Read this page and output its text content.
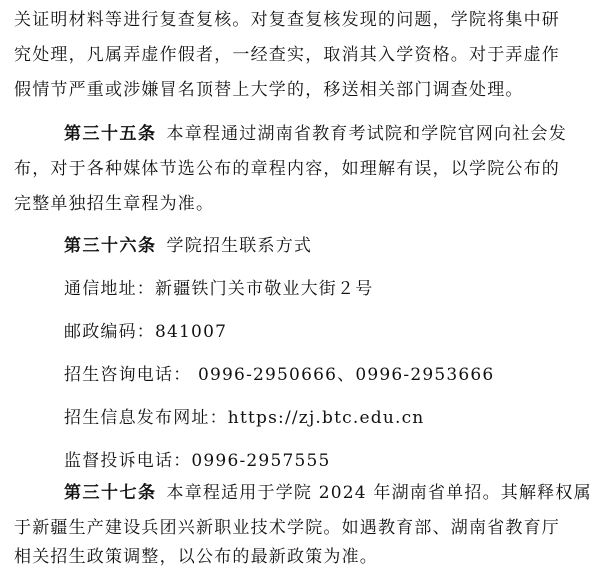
关证明材料等进行复查复核。对复查复核发现的问题，学院将集中研
究处理，凡属弄虚作假者，一经查实，取消其入学资格。对于弄虚作
假情节严重或涉嫌冒名顶替上大学的，移送相关部门调查处理。
第三十五条 本章程通过湖南省教育考试院和学院官网向社会发
布，对于各种媒体节选公布的章程内容，如理解有误，以学院公布的
完整单独招生章程为准。
第三十六条 学院招生联系方式
通信地址：新疆铁门关市敬业大街２号
邮政编码：841007
招生咨询电话： 0996-2950666、0996-2953666
招生信息发布网址：https://zj.btc.edu.cn
监督投诉电话：0996-2957555
第三十七条 本章程适用于学院 2024 年湖南省单招。其解释权属
于新疆生产建设兵团兴新职业技术学院。如遇教育部、湖南省教育厅
相关招生政策调整，以公布的最新政策为准。
